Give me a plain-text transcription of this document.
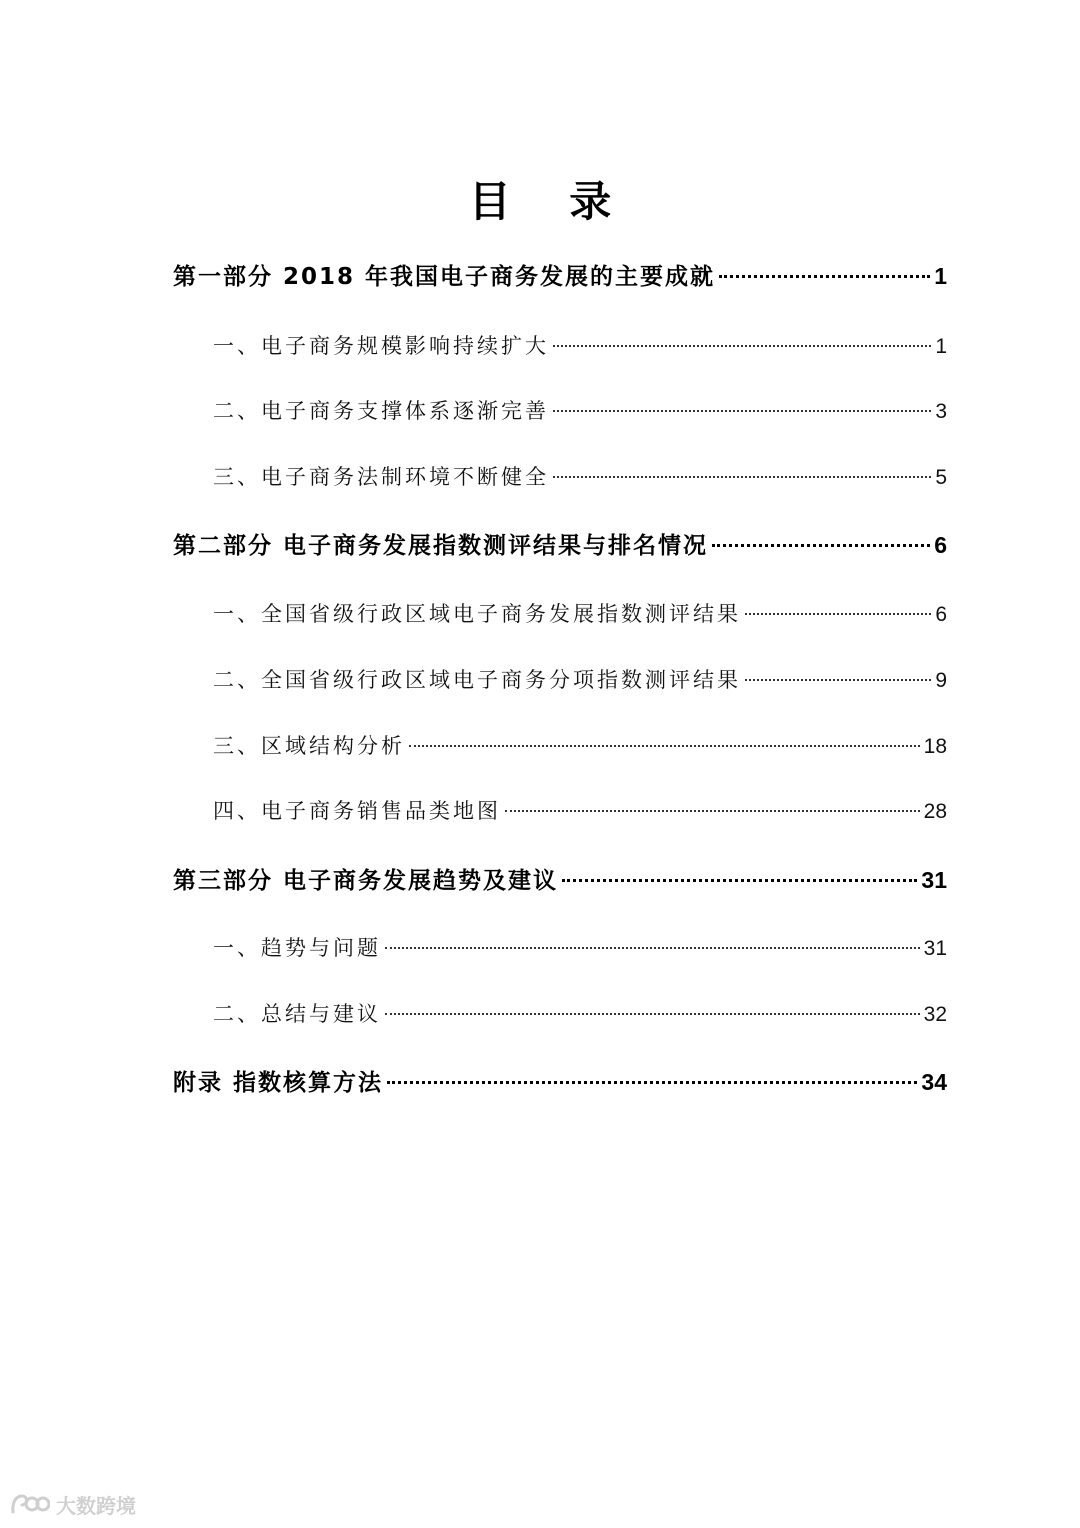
目    录
第一部分 2018 年我国电子商务发展的主要成就	1
一、电子商务规模影响持续扩大	1
二、电子商务支撑体系逐渐完善	3
三、电子商务法制环境不断健全	5
第二部分 电子商务发展指数测评结果与排名情况	6
一、全国省级行政区域电子商务发展指数测评结果	6
二、全国省级行政区域电子商务分项指数测评结果	9
三、区域结构分析	18
四、电子商务销售品类地图	28
第三部分 电子商务发展趋势及建议	31
一、趋势与问题	31
二、总结与建议	32
附录 指数核算方法	34
大数跨境
